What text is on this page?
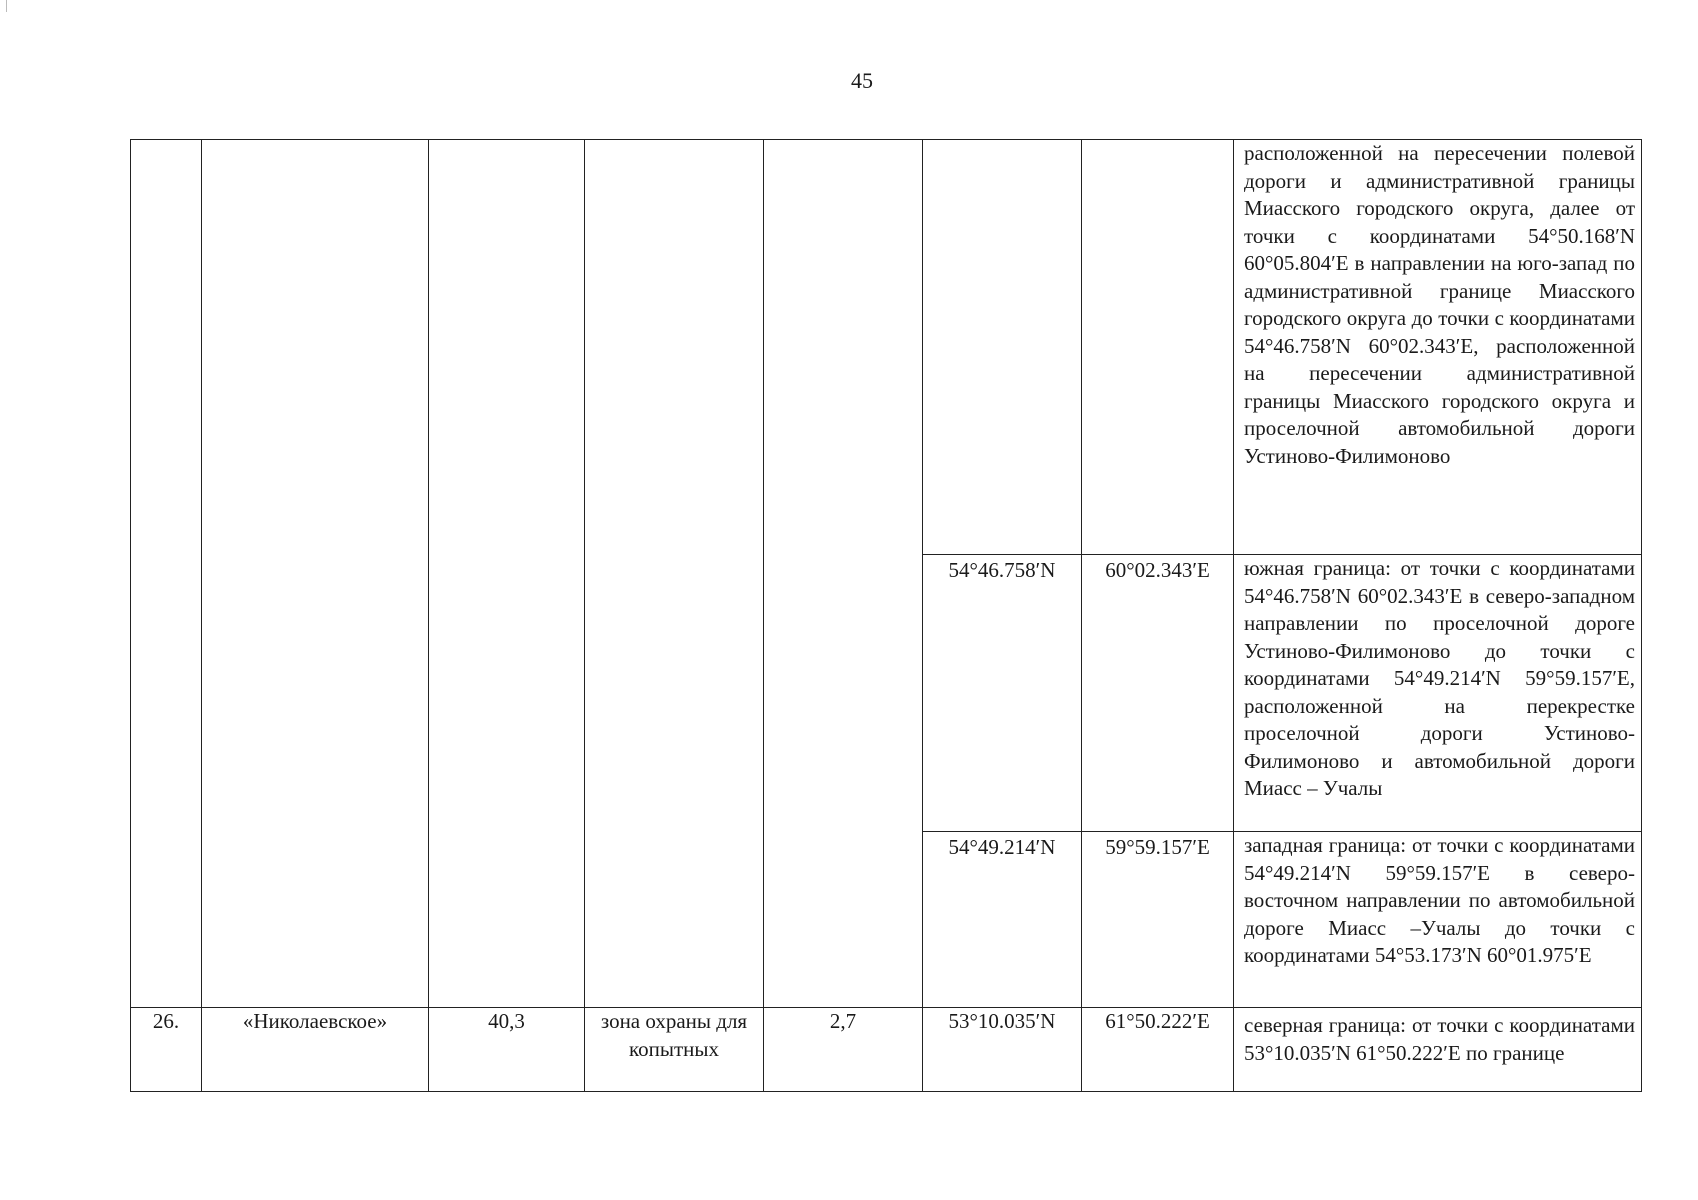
45
							расположенной на пересечении полевой дороги и административной границы Миасского городского округа, далее от точки с координатами 54°50.168′N 60°05.804′E в направлении на юго-запад по административной границе Миасского городского округа до точки с координатами 54°46.758′N 60°02.343′E, расположенной на пересечении административной границы Миасского городского округа и проселочной автомобильной дороги Устиново-Филимоново
					54°46.758′N	60°02.343′E	южная граница: от точки с координатами 54°46.758′N 60°02.343′E в северо-западном направлении по проселочной дороге Устиново-Филимоново до точки с координатами 54°49.214′N 59°59.157′E, расположенной на перекрестке проселочной дороги Устиново-Филимоново и автомобильной дороги Миасс – Учалы
					54°49.214′N	59°59.157′E	западная граница: от точки с координатами 54°49.214′N 59°59.157′E в северо-восточном направлении по автомобильной дороге Миасс –Учалы до точки с координатами 54°53.173′N 60°01.975′E
26.	«Николаевское»	40,3	зона охраны для копытных	2,7	53°10.035′N	61°50.222′E	северная граница: от точки с координатами 53°10.035′N 61°50.222′E по границе
